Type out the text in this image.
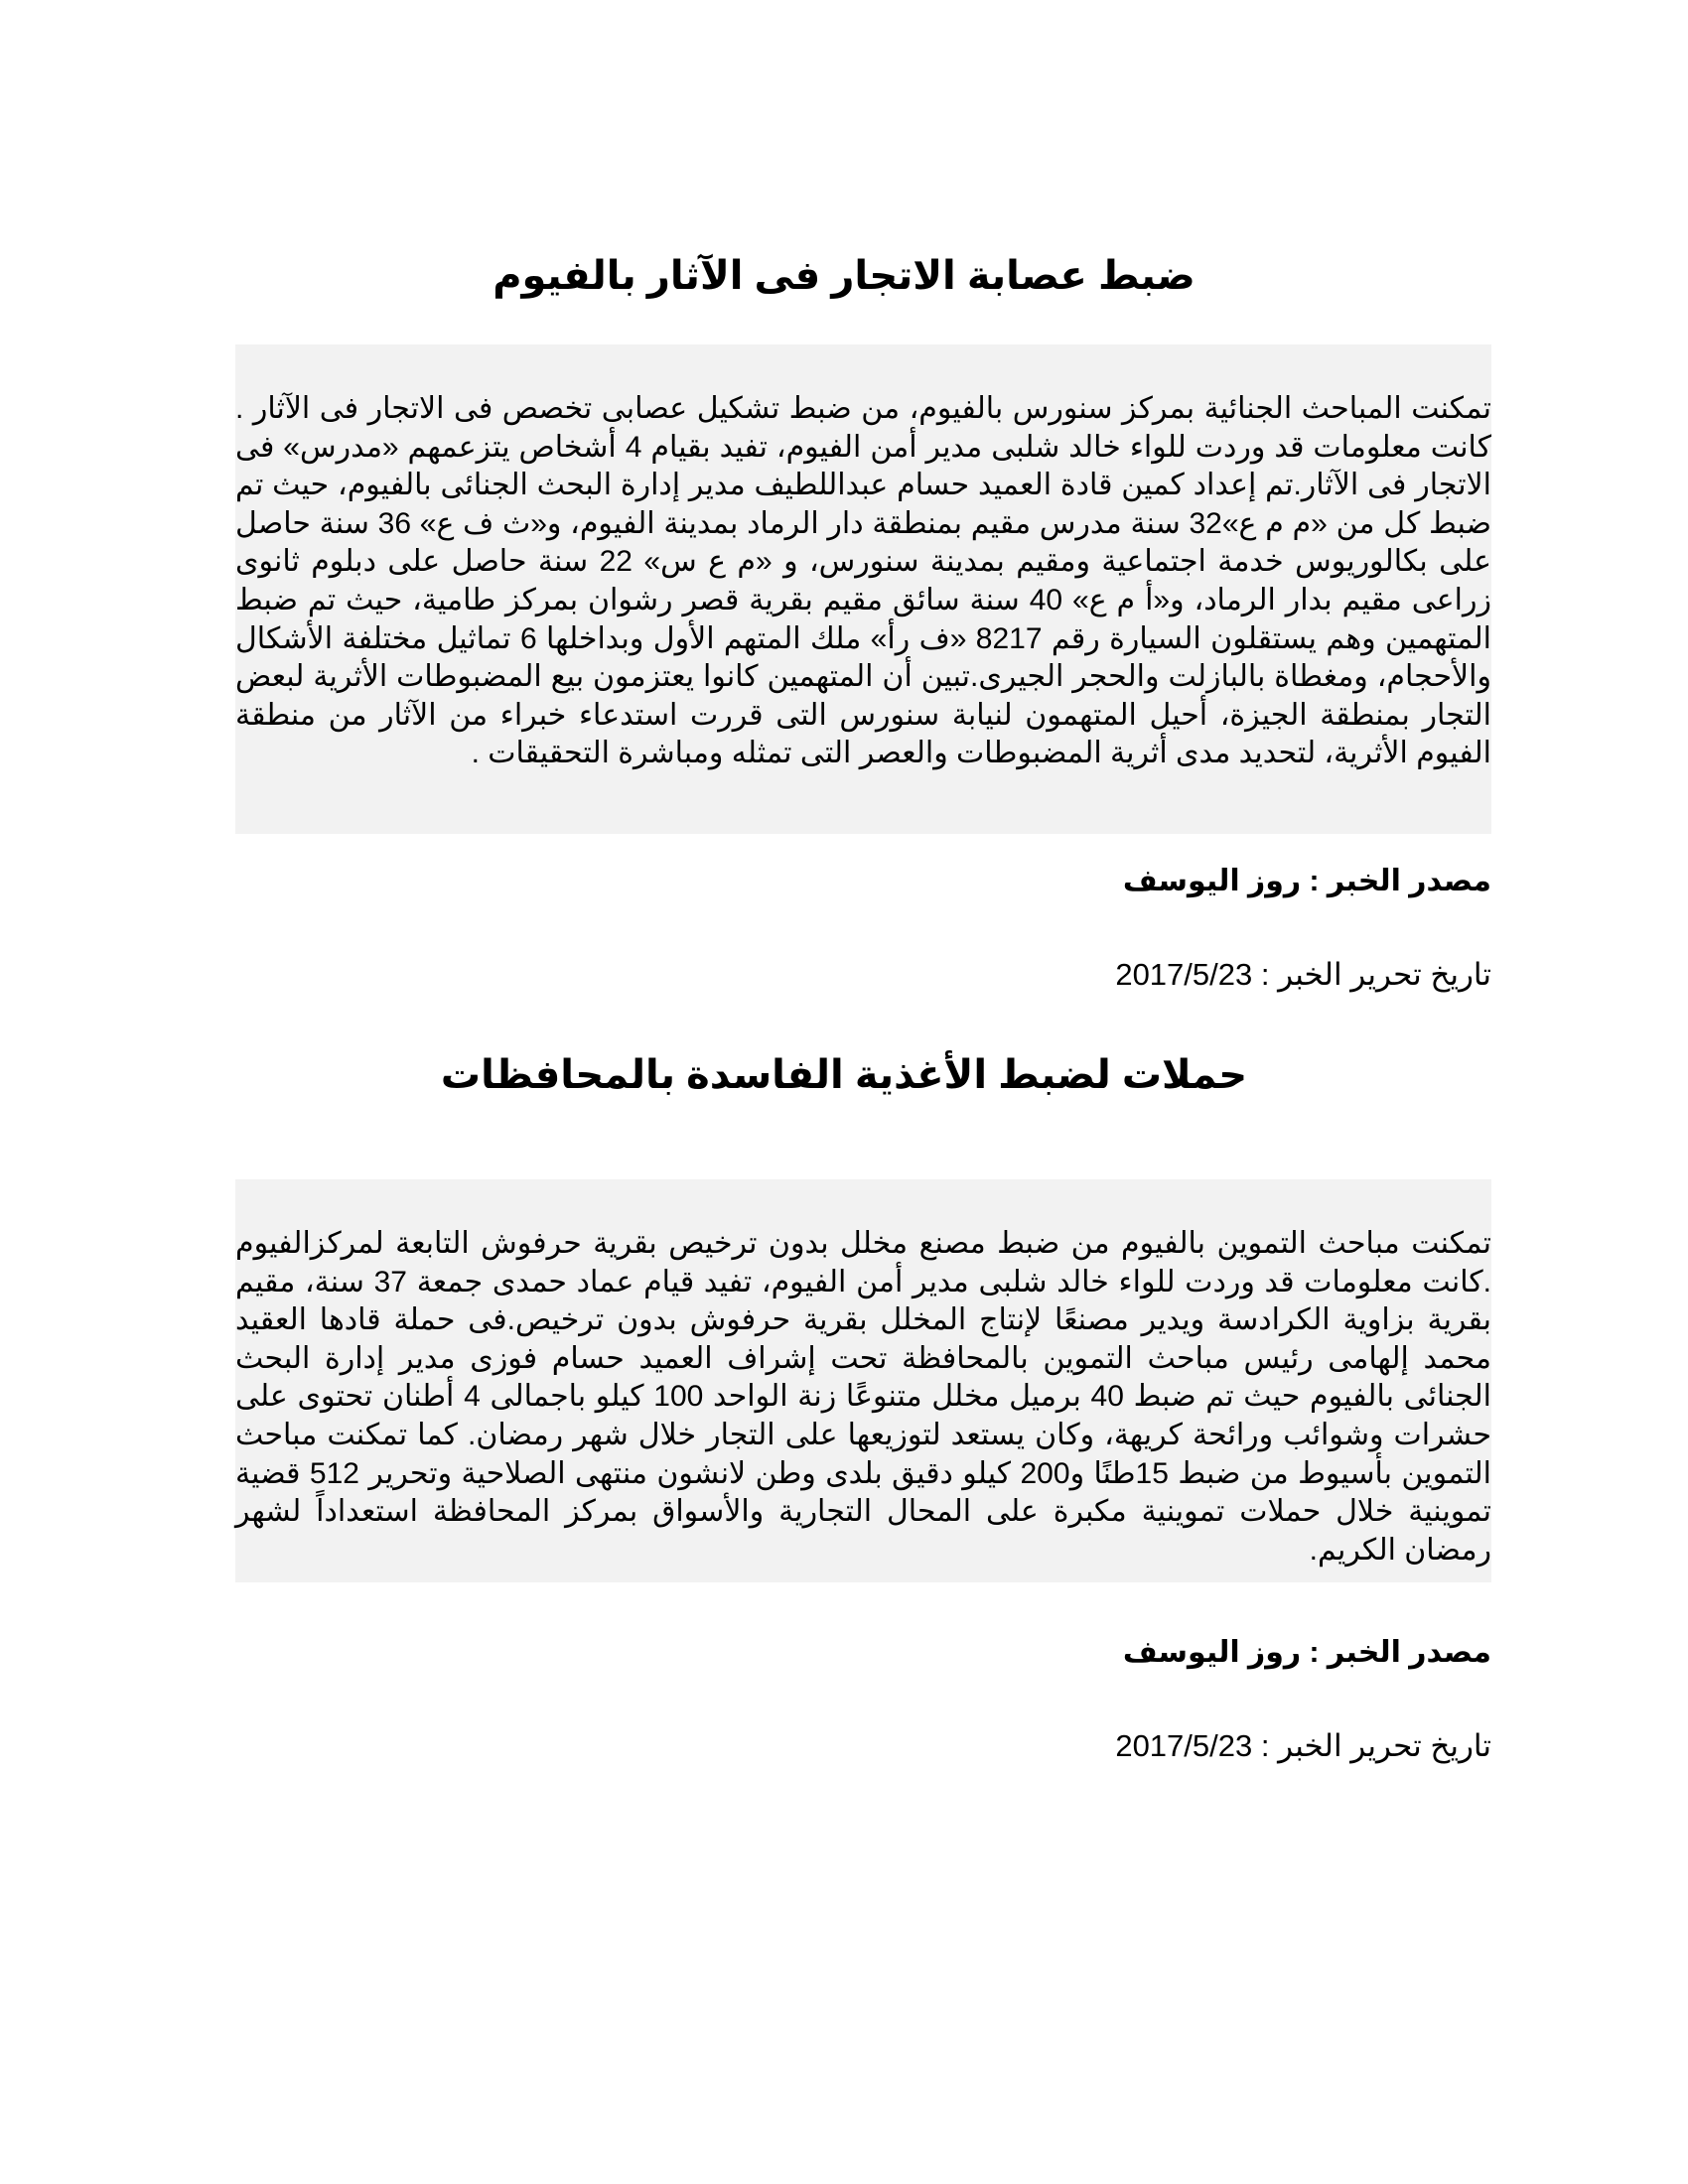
ضبط عصابة الاتجار فى الآثار بالفيوم
تمكنت المباحث الجنائية بمركز سنورس بالفيوم، من ضبط تشكيل عصابى تخصص فى الاتجار فى الآثار . كانت معلومات قد وردت للواء خالد شلبى مدير أمن الفيوم، تفيد بقيام 4 أشخاص يتزعمهم «مدرس» فى الاتجار فى الآثار.تم إعداد كمين قادة العميد حسام عبداللطيف مدير إدارة البحث الجنائى بالفيوم، حيث تم ضبط كل من «م م ع»32 سنة مدرس مقيم بمنطقة دار الرماد بمدينة الفيوم، و«ث ف ع» 36 سنة حاصل على بكالوريوس خدمة اجتماعية ومقيم بمدينة سنورس، و «م ع س» 22 سنة حاصل على دبلوم ثانوى زراعى مقيم بدار الرماد، و«أ م ع» 40 سنة سائق مقيم بقرية قصر رشوان بمركز طامية، حيث تم ضبط المتهمين وهم يستقلون السيارة رقم 8217 «ف رأ» ملك المتهم الأول وبداخلها 6 تماثيل مختلفة الأشكال والأحجام، ومغطاة بالبازلت والحجر الجيرى.تبين أن المتهمين كانوا يعتزمون بيع المضبوطات الأثرية لبعض التجار بمنطقة الجيزة، أحيل المتهمون لنيابة سنورس التى قررت استدعاء خبراء من الآثار من منطقة الفيوم الأثرية، لتحديد مدى أثرية المضبوطات والعصر التى تمثله ومباشرة التحقيقات .

مصدر الخبر : روز اليوسف

تاريخ تحرير الخبر : 2017/5/23

حملات لضبط الأغذية الفاسدة بالمحافظات
تمكنت مباحث التموين بالفيوم من ضبط مصنع مخلل بدون ترخيص بقرية حرفوش التابعة لمركزالفيوم .كانت معلومات قد وردت للواء خالد شلبى مدير أمن الفيوم، تفيد قيام عماد حمدى جمعة 37 سنة، مقيم بقرية بزاوية الكرادسة ويدير مصنعًا لإنتاج المخلل بقرية حرفوش بدون ترخيص.فى حملة قادها العقيد محمد إلهامى رئيس مباحث التموين بالمحافظة تحت إشراف العميد حسام فوزى مدير إدارة البحث الجنائى بالفيوم حيث تم ضبط 40 برميل مخلل متنوعًا زنة الواحد 100 كيلو باجمالى 4 أطنان تحتوى على حشرات وشوائب ورائحة كريهة، وكان يستعد لتوزيعها على التجار خلال شهر رمضان. كما تمكنت مباحث التموين بأسيوط من ضبط 15طنًا و200 كيلو دقيق بلدى وطن لانشون منتهى الصلاحية وتحرير 512 قضية تموينية خلال حملات تموينية مكبرة على المحال التجارية والأسواق بمركز المحافظة استعداداً لشهر رمضان الكريم.

مصدر الخبر : روز اليوسف

تاريخ تحرير الخبر : 2017/5/23
